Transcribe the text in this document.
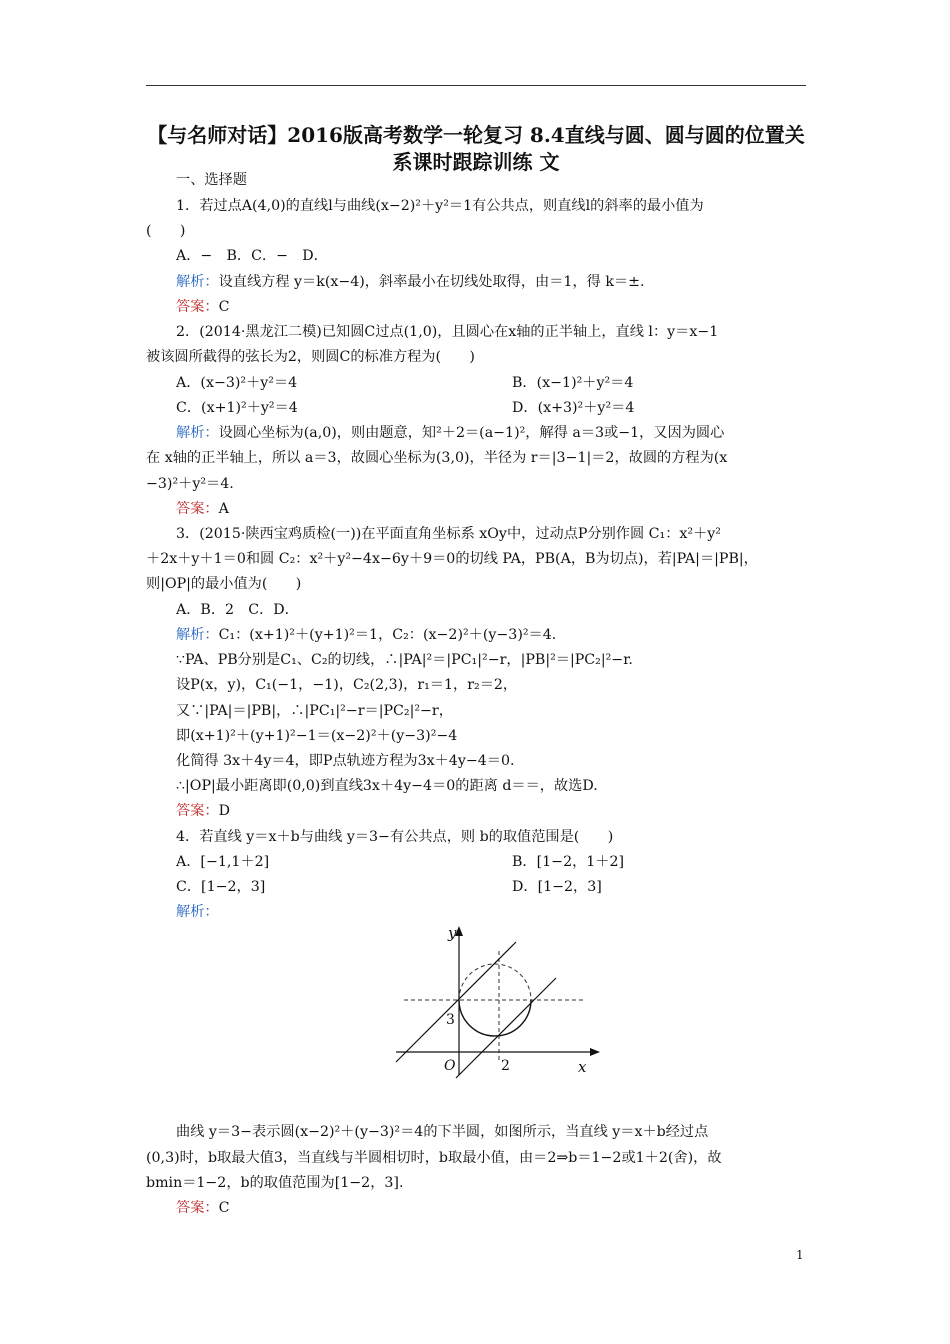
【与名师对话】2016版高考数学一轮复习 8.4直线与圆、圆与圆的位置关系课时跟踪训练 文
一、选择题
1．若过点A(4,0)的直线l与曲线(x−2)²＋y²＝1有公共点，则直线l的斜率的最小值为
(　　)
A．−　B．C．−　D．
解析：设直线方程 y＝k(x−4)，斜率最小在切线处取得，由＝1，得 k＝±.
答案：C
2．(2014·黑龙江二模)已知圆C过点(1,0)，且圆心在x轴的正半轴上，直线 l：y＝x−1
被该圆所截得的弦长为2，则圆C的标准方程为(　　)
A．(x−3)²＋y²＝4	B．(x−1)²＋y²＝4
C．(x+1)²＋y²＝4	D．(x+3)²＋y²＝4
解析：设圆心坐标为(a,0)，则由题意，知²＋2＝(a−1)²，解得 a＝3或−1，又因为圆心
在 x轴的正半轴上，所以 a＝3，故圆心坐标为(3,0)，半径为 r＝|3−1|＝2，故圆的方程为(x
−3)²＋y²＝4.
答案：A
3．(2015·陕西宝鸡质检(一))在平面直角坐标系 xOy中，过动点P分别作圆 C₁：x²＋y²
＋2x＋y＋1＝0和圆 C₂：x²＋y²−4x−6y＋9＝0的切线 PA，PB(A，B为切点)，若|PA|＝|PB|，
则|OP|的最小值为(　　)
A．B．2　C．D．
解析：C₁：(x+1)²＋(y+1)²＝1，C₂：(x−2)²＋(y−3)²＝4.
∵PA、PB分别是C₁、C₂的切线，∴|PA|²＝|PC₁|²−r，|PB|²＝|PC₂|²−r.
设P(x，y)，C₁(−1，−1)，C₂(2,3)，r₁＝1，r₂＝2，
又∵|PA|＝|PB|，∴|PC₁|²−r＝|PC₂|²−r，
即(x+1)²＋(y+1)²−1＝(x−2)²＋(y−3)²−4
化简得 3x＋4y＝4，即P点轨迹方程为3x＋4y−4＝0.
∴|OP|最小距离即(0,0)到直线3x＋4y−4＝0的距离 d＝＝，故选D.
答案：D
4．若直线 y＝x＋b与曲线 y＝3−有公共点，则 b的取值范围是(　　)
A．[−1,1＋2]	B．[1−2，1＋2]
C．[1−2，3]	D．[1−2，3]
解析：
y
x
O
3
2
曲线 y＝3−表示圆(x−2)²＋(y−3)²＝4的下半圆，如图所示，当直线 y＝x＋b经过点
(0,3)时，b取最大值3，当直线与半圆相切时，b取最小值，由＝2⇒b＝1−2或1＋2(舍)，故
bmin＝1−2，b的取值范围为[1−2，3].
答案：C
1
